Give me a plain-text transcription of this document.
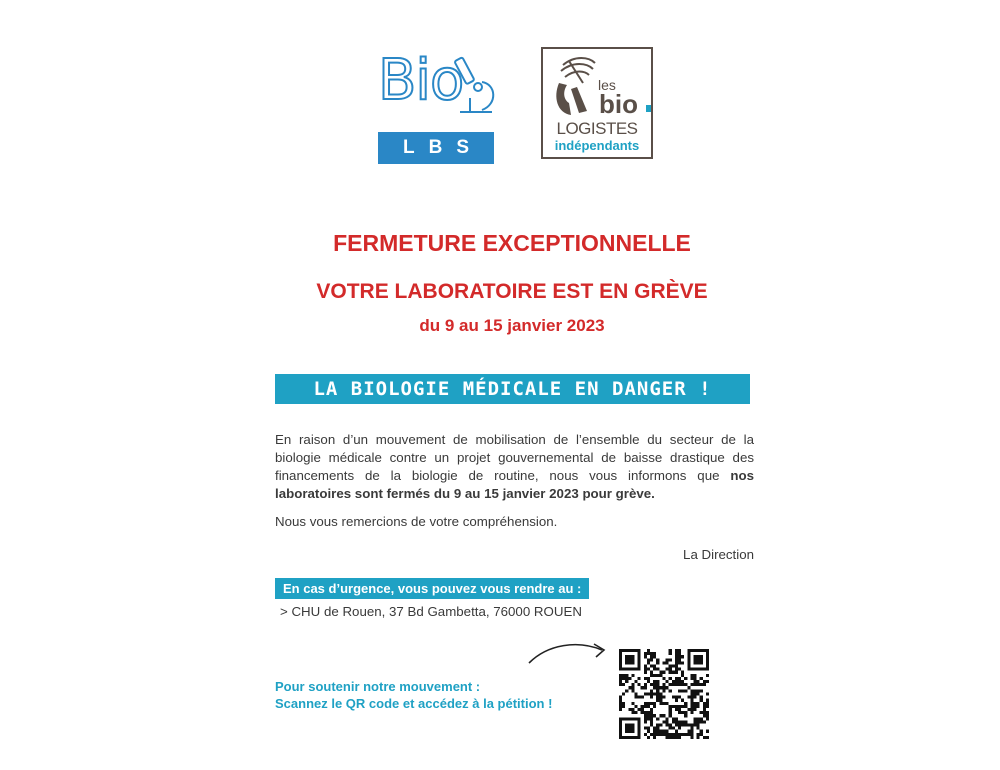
Bio
LBS
les
bio
LOGISTES
indépendants
FERMETURE EXCEPTIONNELLE
VOTRE LABORATOIRE EST EN GRÈVE
du 9 au 15 janvier 2023
LA BIOLOGIE MÉDICALE EN DANGER !
En raison d’un mouvement de mobilisation de l’ensemble du secteur de la biologie médicale contre un projet gouvernemental de baisse drastique des financements de la biologie de routine, nous vous informons que nos laboratoires sont fermés du 9 au 15 janvier 2023 pour grève.
Nous vous remercions de votre compréhension.
La Direction
En cas d’urgence, vous pouvez vous rendre au :
> CHU de Rouen, 37 Bd Gambetta, 76000 ROUEN
Pour soutenir notre mouvement :
Scannez le QR code et accédez à la pétition !
